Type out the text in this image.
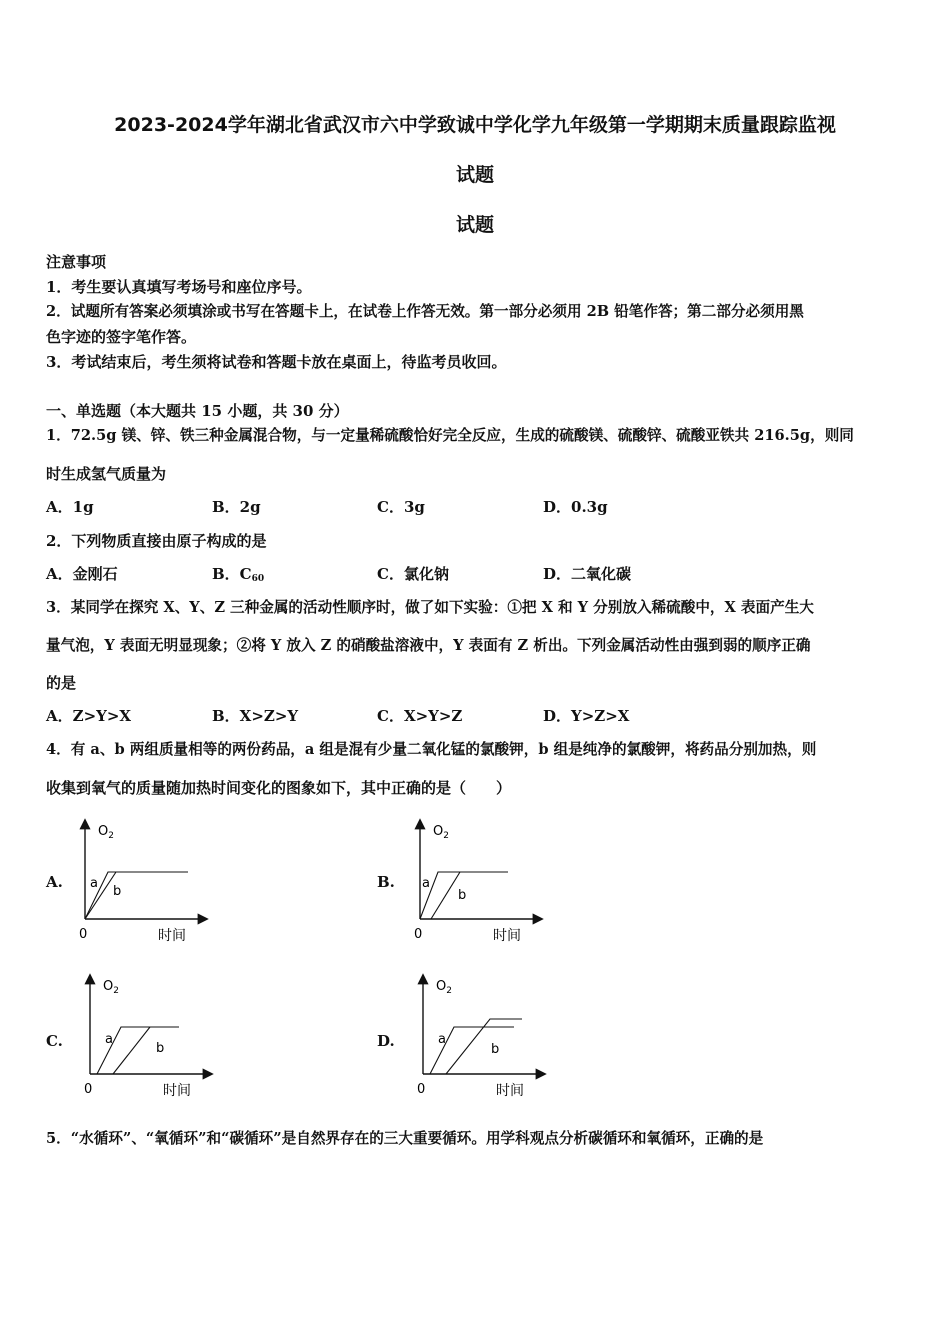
2023-2024学年湖北省武汉市六中学致诚中学化学九年级第一学期期末质量跟踪监视
试题
试题
注意事项
1．考生要认真填写考场号和座位序号。
2．试题所有答案必须填涂或书写在答题卡上，在试卷上作答无效。第一部分必须用 2B 铅笔作答；第二部分必须用黑
色字迹的签字笔作答。
3．考试结束后，考生须将试卷和答题卡放在桌面上，待监考员收回。
一、单选题（本大题共 15 小题，共 30 分）
1．72.5g 镁、锌、铁三种金属混合物，与一定量稀硫酸恰好完全反应，生成的硫酸镁、硫酸锌、硫酸亚铁共 216.5g，则同
时生成氢气质量为
A．1g	B．2g	C．3g	D．0.3g
2．下列物质直接由原子构成的是
A．金刚石	B．$C_{60}$	C．氯化钠	D．二氧化碳
3．某同学在探究 X、Y、Z 三种金属的活动性顺序时，做了如下实验：①把 X 和 Y 分别放入稀硫酸中，X 表面产生大
量气泡，Y 表面无明显现象；②将 Y 放入 Z 的硝酸盐溶液中，Y 表面有 Z 析出。下列金属活动性由强到弱的顺序正确
的是
A．Z>Y>X	B．X>Z>Y	C．X>Y>Z	D．Y>Z>X
4．有 a、b 两组质量相等的两份药品，a 组是混有少量二氧化锰的氯酸钾，b 组是纯净的氯酸钾，将药品分别加热，则
收集到氧气的质量随加热时间变化的图象如下，其中正确的是（　　）
A.
$O_2$
0	时间
a
b
B.
$O_2$
0	时间
a
b
C.
$O_2$
0	时间
a
b	D.
$O_2$
0	时间
a
b
5．“水循环”、“氧循环”和“碳循环”是自然界存在的三大重要循环。用学科观点分析碳循环和氧循环，正确的是
